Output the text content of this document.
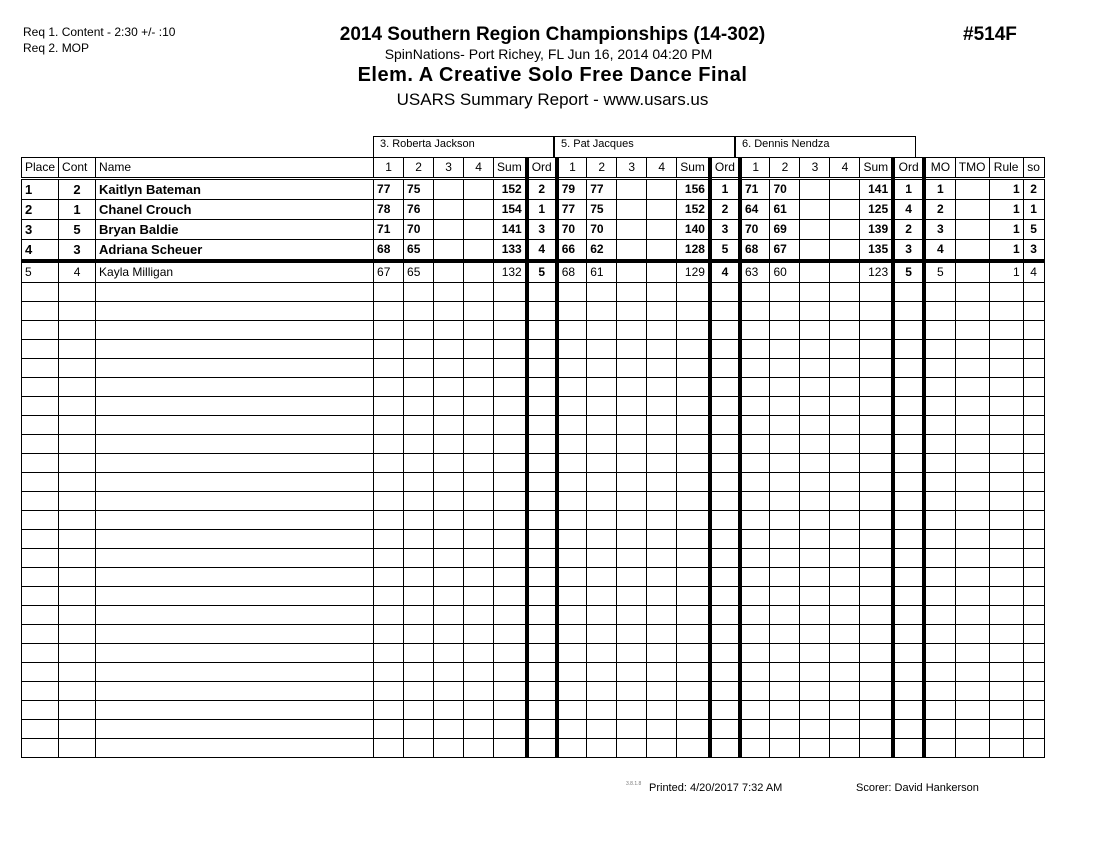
Req 1. Content - 2:30 +/- :10
Req 2. MOP
2014 Southern Region Championships (14-302)
SpinNations- Port Richey, FL Jun 16, 2014 04:20 PM
Elem. A Creative Solo Free Dance Final
USARS Summary Report - www.usars.us
#514F
3. Roberta Jackson	5. Pat Jacques	6. Dennis Nendza
Place	Cont	Name	1	2	3	4	Sum	Ord	1	2	3	4	Sum	Ord	1	2	3	4	Sum	Ord	MO	TMO	Rule	so
1	2	Kaitlyn Bateman	77	75			152	2	79	77			156	1	71	70			141	1	1		1	2
2	1	Chanel Crouch	78	76			154	1	77	75			152	2	64	61			125	4	2		1	1
3	5	Bryan Baldie	71	70			141	3	70	70			140	3	70	69			139	2	3		1	5
4	3	Adriana Scheuer	68	65			133	4	66	62			128	5	68	67			135	3	4		1	3
5	4	Kayla Milligan	67	65			132	5	68	61			129	4	63	60			123	5	5		1	4

3.8.1.8 Printed: 4/20/2017 7:32 AM	Scorer: David Hankerson
